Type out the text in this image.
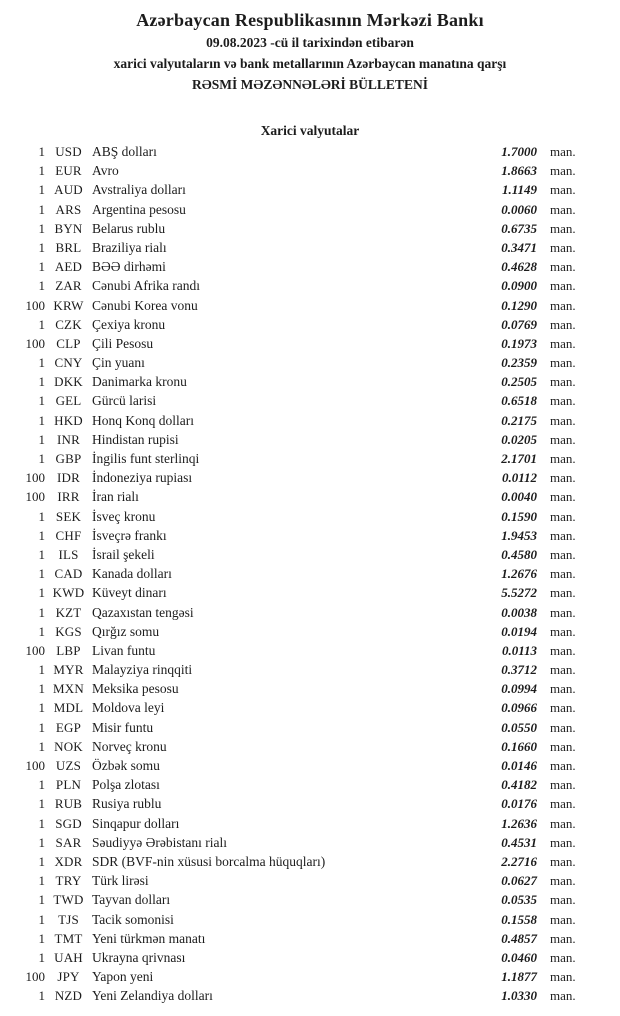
Azərbaycan Respublikasının Mərkəzi Bankı
09.08.2023 -cü il tarixindən etibarən
xarici valyutaların və bank metallarının Azərbaycan manatına qarşı
RƏSMİ MƏZƏNNƏLƏRİ BÜLLETENİ
Xarici valyutalar
1 USD ABŞ dolları	1.7000	man.
1 EUR Avro	1.8663	man.
1 AUD Avstraliya dolları	1.1149	man.
1 ARS Argentina pesosu	0.0060	man.
1 BYN Belarus rublu	0.6735	man.
1 BRL Braziliya rialı	0.3471	man.
1 AED BƏƏ dirhəmi	0.4628	man.
1 ZAR Cənubi Afrika randı	0.0900	man.
100 KRW Cənubi Korea vonu	0.1290	man.
1 CZK Çexiya kronu	0.0769	man.
100 CLP Çili Pesosu	0.1973	man.
1 CNY Çin yuanı	0.2359	man.
1 DKK Danimarka kronu	0.2505	man.
1 GEL Gürcü larisi	0.6518	man.
1 HKD Honq Konq dolları	0.2175	man.
1 INR Hindistan rupisi	0.0205	man.
1 GBP İngilis funt sterlinqi	2.1701	man.
100 IDR İndoneziya rupiası	0.0112	man.
100 IRR İran rialı	0.0040	man.
1 SEK İsveç kronu	0.1590	man.
1 CHF İsveçrə frankı	1.9453	man.
1	ILS İsrail şekeli	0.4580	man.
1 CAD Kanada dolları	1.2676	man.
1 KWD Küveyt dinarı	5.5272	man.
1 KZT Qazaxıstan tengəsi	0.0038	man.
1 KGS Qırğız somu	0.0194	man.
100 LBP Livan funtu	0.0113	man.
1 MYR Malayziya rinqqiti	0.3712	man.
1 MXN Meksika pesosu	0.0994	man.
1 MDL Moldova leyi	0.0966	man.
1 EGP Misir funtu	0.0550	man.
1 NOK Norveç kronu	0.1660	man.
100 UZS Özbək somu	0.0146	man.
1 PLN Polşa zlotası	0.4182	man.
1 RUB Rusiya rublu	0.0176	man.
1 SGD Sinqapur dolları	1.2636	man.
1 SAR Səudiyyə Ərəbistanı rialı	0.4531	man.
1 XDR SDR (BVF-nin xüsusi borcalma hüquqları)	2.2716	man.
1 TRY Türk lirəsi	0.0627	man.
1 TWD Tayvan dolları	0.0535	man.
1	TJS Tacik somonisi	0.1558	man.
1 TMT Yeni türkmən manatı	0.4857	man.
1 UAH Ukrayna qrivnası	0.0460	man.
100 JPY Yapon yeni	1.1877	man.
1 NZD Yeni Zelandiya dolları	1.0330	man.
